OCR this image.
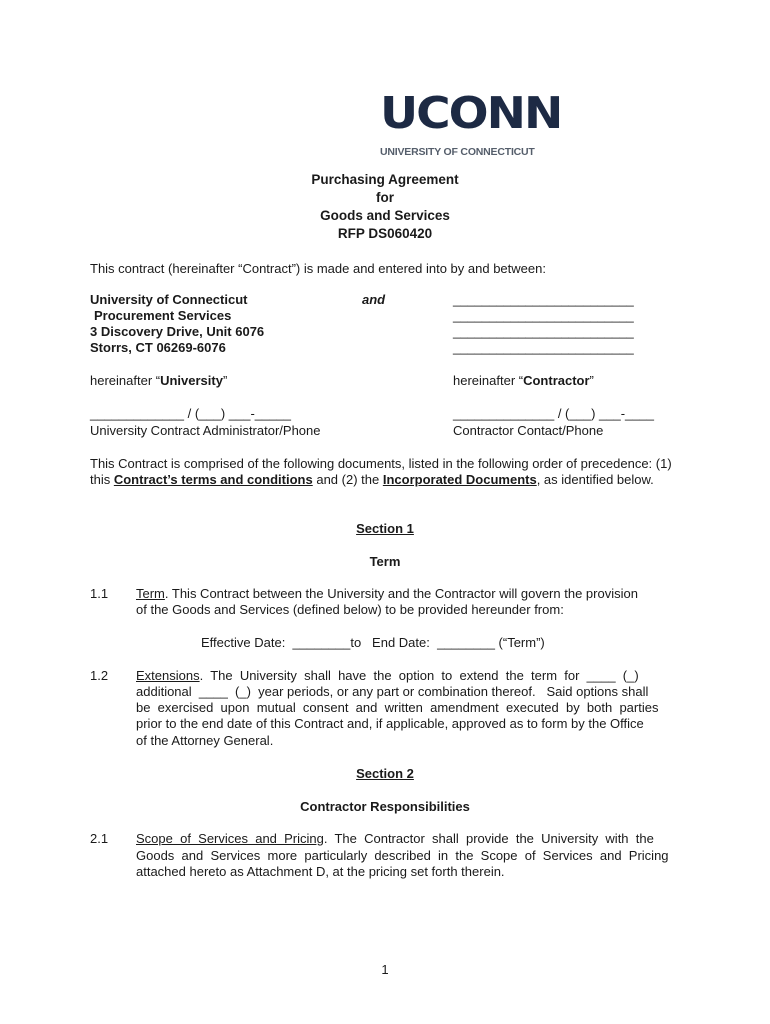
UCONN
UNIVERSITY OF CONNECTICUT
Purchasing Agreement
for
Goods and Services
RFP DS060420
This contract (hereinafter “Contract”) is made and entered into by and between:
University of Connecticut
Procurement Services
3 Discovery Drive, Unit 6076
Storrs, CT 06269-6076
and	_________________________
_________________________
_________________________
_________________________
hereinafter “University”	hereinafter “Contractor”
_____________ / (___) ___-_____	______________ / (___) ___-____
University Contract Administrator/Phone	Contractor Contact/Phone
This Contract is comprised of the following documents, listed in the following order of precedence: (1)
this Contract’s terms and conditions and (2) the Incorporated Documents, as identified below.
Section 1
Term
1.1 Term. This Contract between the University and the Contractor will govern the provision
of the Goods and Services (defined below) to be provided hereunder from:
Effective Date:  ________to   End Date:  ________ (“Term”)
1.2 Extensions.  The  University  shall  have  the  option  to  extend  the  term  for  ____  (_)
additional  ____  (_)  year periods, or any part or combination thereof.   Said options shall
be  exercised  upon  mutual  consent  and  written  amendment  executed  by  both  parties
prior to the end date of this Contract and, if applicable, approved as to form by the Office
of the Attorney General.
Section 2
Contractor Responsibilities
2.1 Scope  of  Services  and  Pricing.  The  Contractor  shall  provide  the  University  with  the
Goods  and  Services  more  particularly  described  in  the  Scope  of  Services  and  Pricing
attached hereto as Attachment D, at the pricing set forth therein.
1
